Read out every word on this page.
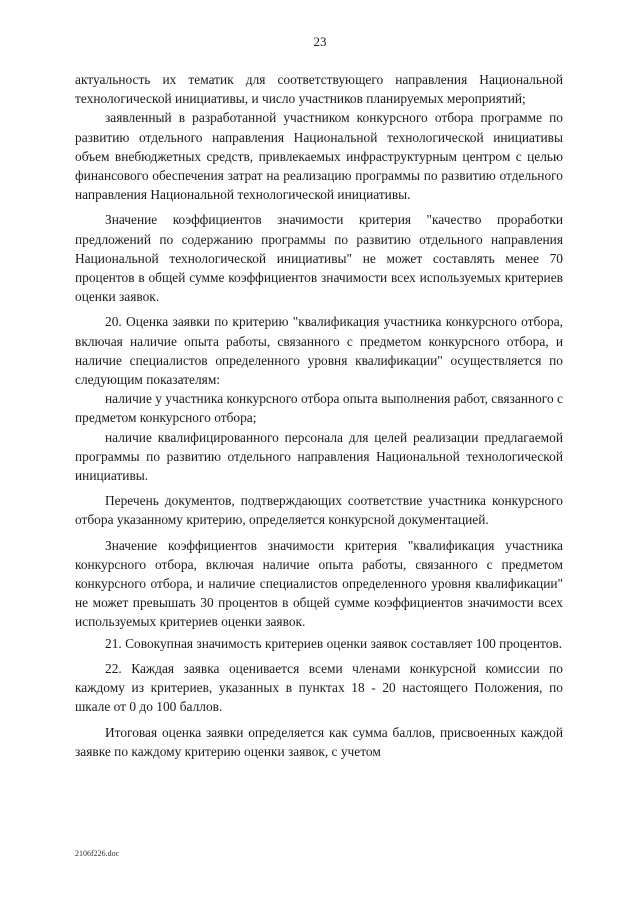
23

актуальность их тематик для соответствующего направления Национальной технологической инициативы, и число участников планируемых мероприятий;

заявленный в разработанной участником конкурсного отбора программе по развитию отдельного направления Национальной технологической инициативы объем внебюджетных средств, привлекаемых инфраструктурным центром с целью финансового обеспечения затрат на реализацию программы по развитию отдельного направления Национальной технологической инициативы.

Значение коэффициентов значимости критерия "качество проработки предложений по содержанию программы по развитию отдельного направления Национальной технологической инициативы" не может составлять менее 70 процентов в общей сумме коэффициентов значимости всех используемых критериев оценки заявок.

20. Оценка заявки по критерию "квалификация участника конкурсного отбора, включая наличие опыта работы, связанного с предметом конкурсного отбора, и наличие специалистов определенного уровня квалификации" осуществляется по следующим показателям:

наличие у участника конкурсного отбора опыта выполнения работ, связанного с предметом конкурсного отбора;

наличие квалифицированного персонала для целей реализации предлагаемой программы по развитию отдельного направления Национальной технологической инициативы.

Перечень документов, подтверждающих соответствие участника конкурсного отбора указанному критерию, определяется конкурсной документацией.

Значение коэффициентов значимости критерия "квалификация участника конкурсного отбора, включая наличие опыта работы, связанного с предметом конкурсного отбора, и наличие специалистов определенного уровня квалификации" не может превышать 30 процентов в общей сумме коэффициентов значимости всех используемых критериев оценки заявок.

21. Совокупная значимость критериев оценки заявок составляет 100 процентов.

22. Каждая заявка оценивается всеми членами конкурсной комиссии по каждому из критериев, указанных в пунктах 18 - 20 настоящего Положения, по шкале от 0 до 100 баллов.

Итоговая оценка заявки определяется как сумма баллов, присвоенных каждой заявке по каждому критерию оценки заявок, с учетом

2106f226.doc
